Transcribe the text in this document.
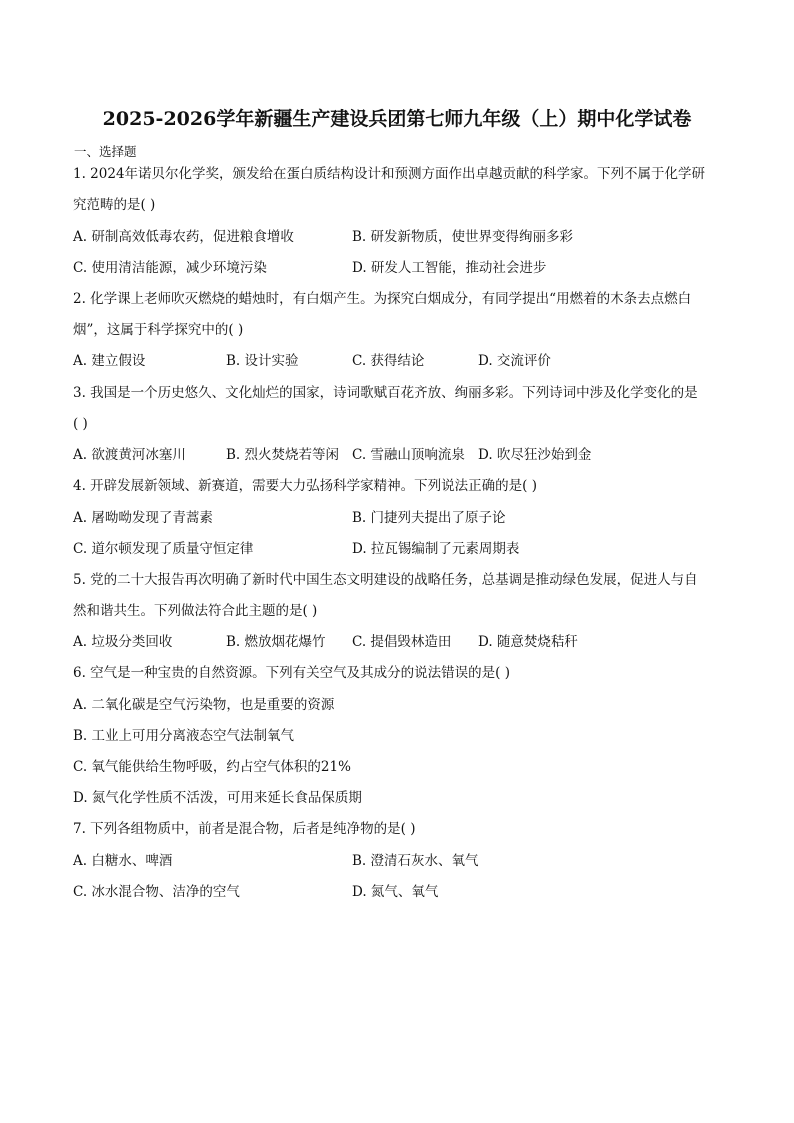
2025-2026学年新疆生产建设兵团第七师九年级（上）期中化学试卷
一、选择题
1. 2024年诺贝尔化学奖，颁发给在蛋白质结构设计和预测方面作出卓越贡献的科学家。下列不属于化学研
究范畴的是( )
A. 研制高效低毒农药，促进粮食增收	B. 研发新物质，使世界变得绚丽多彩
C. 使用清洁能源，减少环境污染	D. 研发人工智能，推动社会进步
2. 化学课上老师吹灭燃烧的蜡烛时，有白烟产生。为探究白烟成分，有同学提出“用燃着的木条去点燃白
烟”，这属于科学探究中的( )
A. 建立假设	B. 设计实验	C. 获得结论	D. 交流评价
3. 我国是一个历史悠久、文化灿烂的国家，诗词歌赋百花齐放、绚丽多彩。下列诗词中涉及化学变化的是
( )
A. 欲渡黄河冰塞川	B. 烈火焚烧若等闲 C. 雪融山顶响流泉 D. 吹尽狂沙始到金
4. 开辟发展新领域、新赛道，需要大力弘扬科学家精神。下列说法正确的是( )
A. 屠呦呦发现了青蒿素	B. 门捷列夫提出了原子论
C. 道尔顿发现了质量守恒定律	D. 拉瓦锡编制了元素周期表
5. 党的二十大报告再次明确了新时代中国生态文明建设的战略任务，总基调是推动绿色发展，促进人与自
然和谐共生。下列做法符合此主题的是( )
A. 垃圾分类回收	B. 燃放烟花爆竹 C. 提倡毁林造田 D. 随意焚烧秸秆
6. 空气是一种宝贵的自然资源。下列有关空气及其成分的说法错误的是( )
A. 二氧化碳是空气污染物，也是重要的资源
B. 工业上可用分离液态空气法制氧气
C. 氧气能供给生物呼吸，约占空气体积的21%
D. 氮气化学性质不活泼，可用来延长食品保质期
7. 下列各组物质中，前者是混合物，后者是纯净物的是( )
A. 白糖水、啤酒	B. 澄清石灰水、氧气
C. 冰水混合物、洁净的空气	D. 氮气、氧气
